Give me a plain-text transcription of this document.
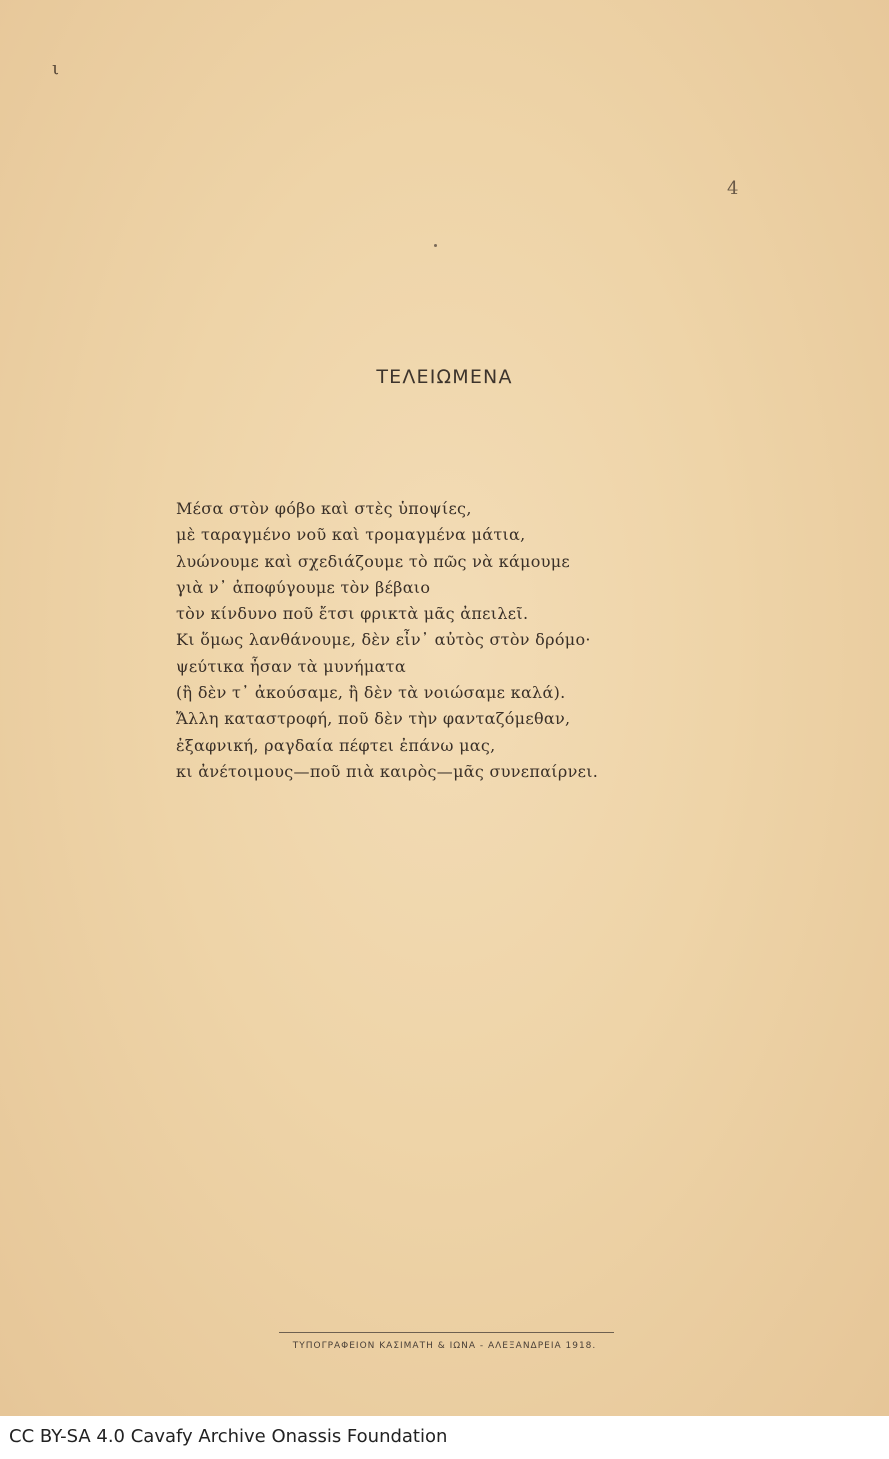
ι
4
ΤΕΛΕΙΩΜΕΝΑ
Μέσα στὸν φόβο καὶ στὲς ὑποψίες,
μὲ ταραγμένο νοῦ καὶ τρομαγμένα μάτια,
λυώνουμε καὶ σχεδιάζουμε τὸ πῶς νὰ κάμουμε
γιὰ ν᾽ ἀποφύγουμε τὸν βέβαιο
τὸν κίνδυνο ποῦ ἔτσι φρικτὰ μᾶς ἀπειλεῖ.
Κι ὅμως λανθάνουμε, δὲν εἶν᾽ αὐτὸς στὸν δρόμο·
ψεύτικα ἦσαν τὰ μυνήματα
(ἢ δὲν τ᾽ ἀκούσαμε, ἢ δὲν τὰ νοιώσαμε καλά).
Ἄλλη καταστροφή, ποῦ δὲν τὴν φανταζόμεθαν,
ἐξαφνική, ραγδαία πέφτει ἐπάνω μας,
κι ἀνέτοιμους—ποῦ πιὰ καιρὸς—μᾶς συνεπαίρνει.
ΤΥΠΟΓΡΑΦΕΙΟΝ ΚΑΣΙΜΑΤΗ & ΙΩΝΑ - ΑΛΕΞΑΝΔΡΕΙΑ 1918.
CC BY-SA 4.0 Cavafy Archive Onassis Foundation
